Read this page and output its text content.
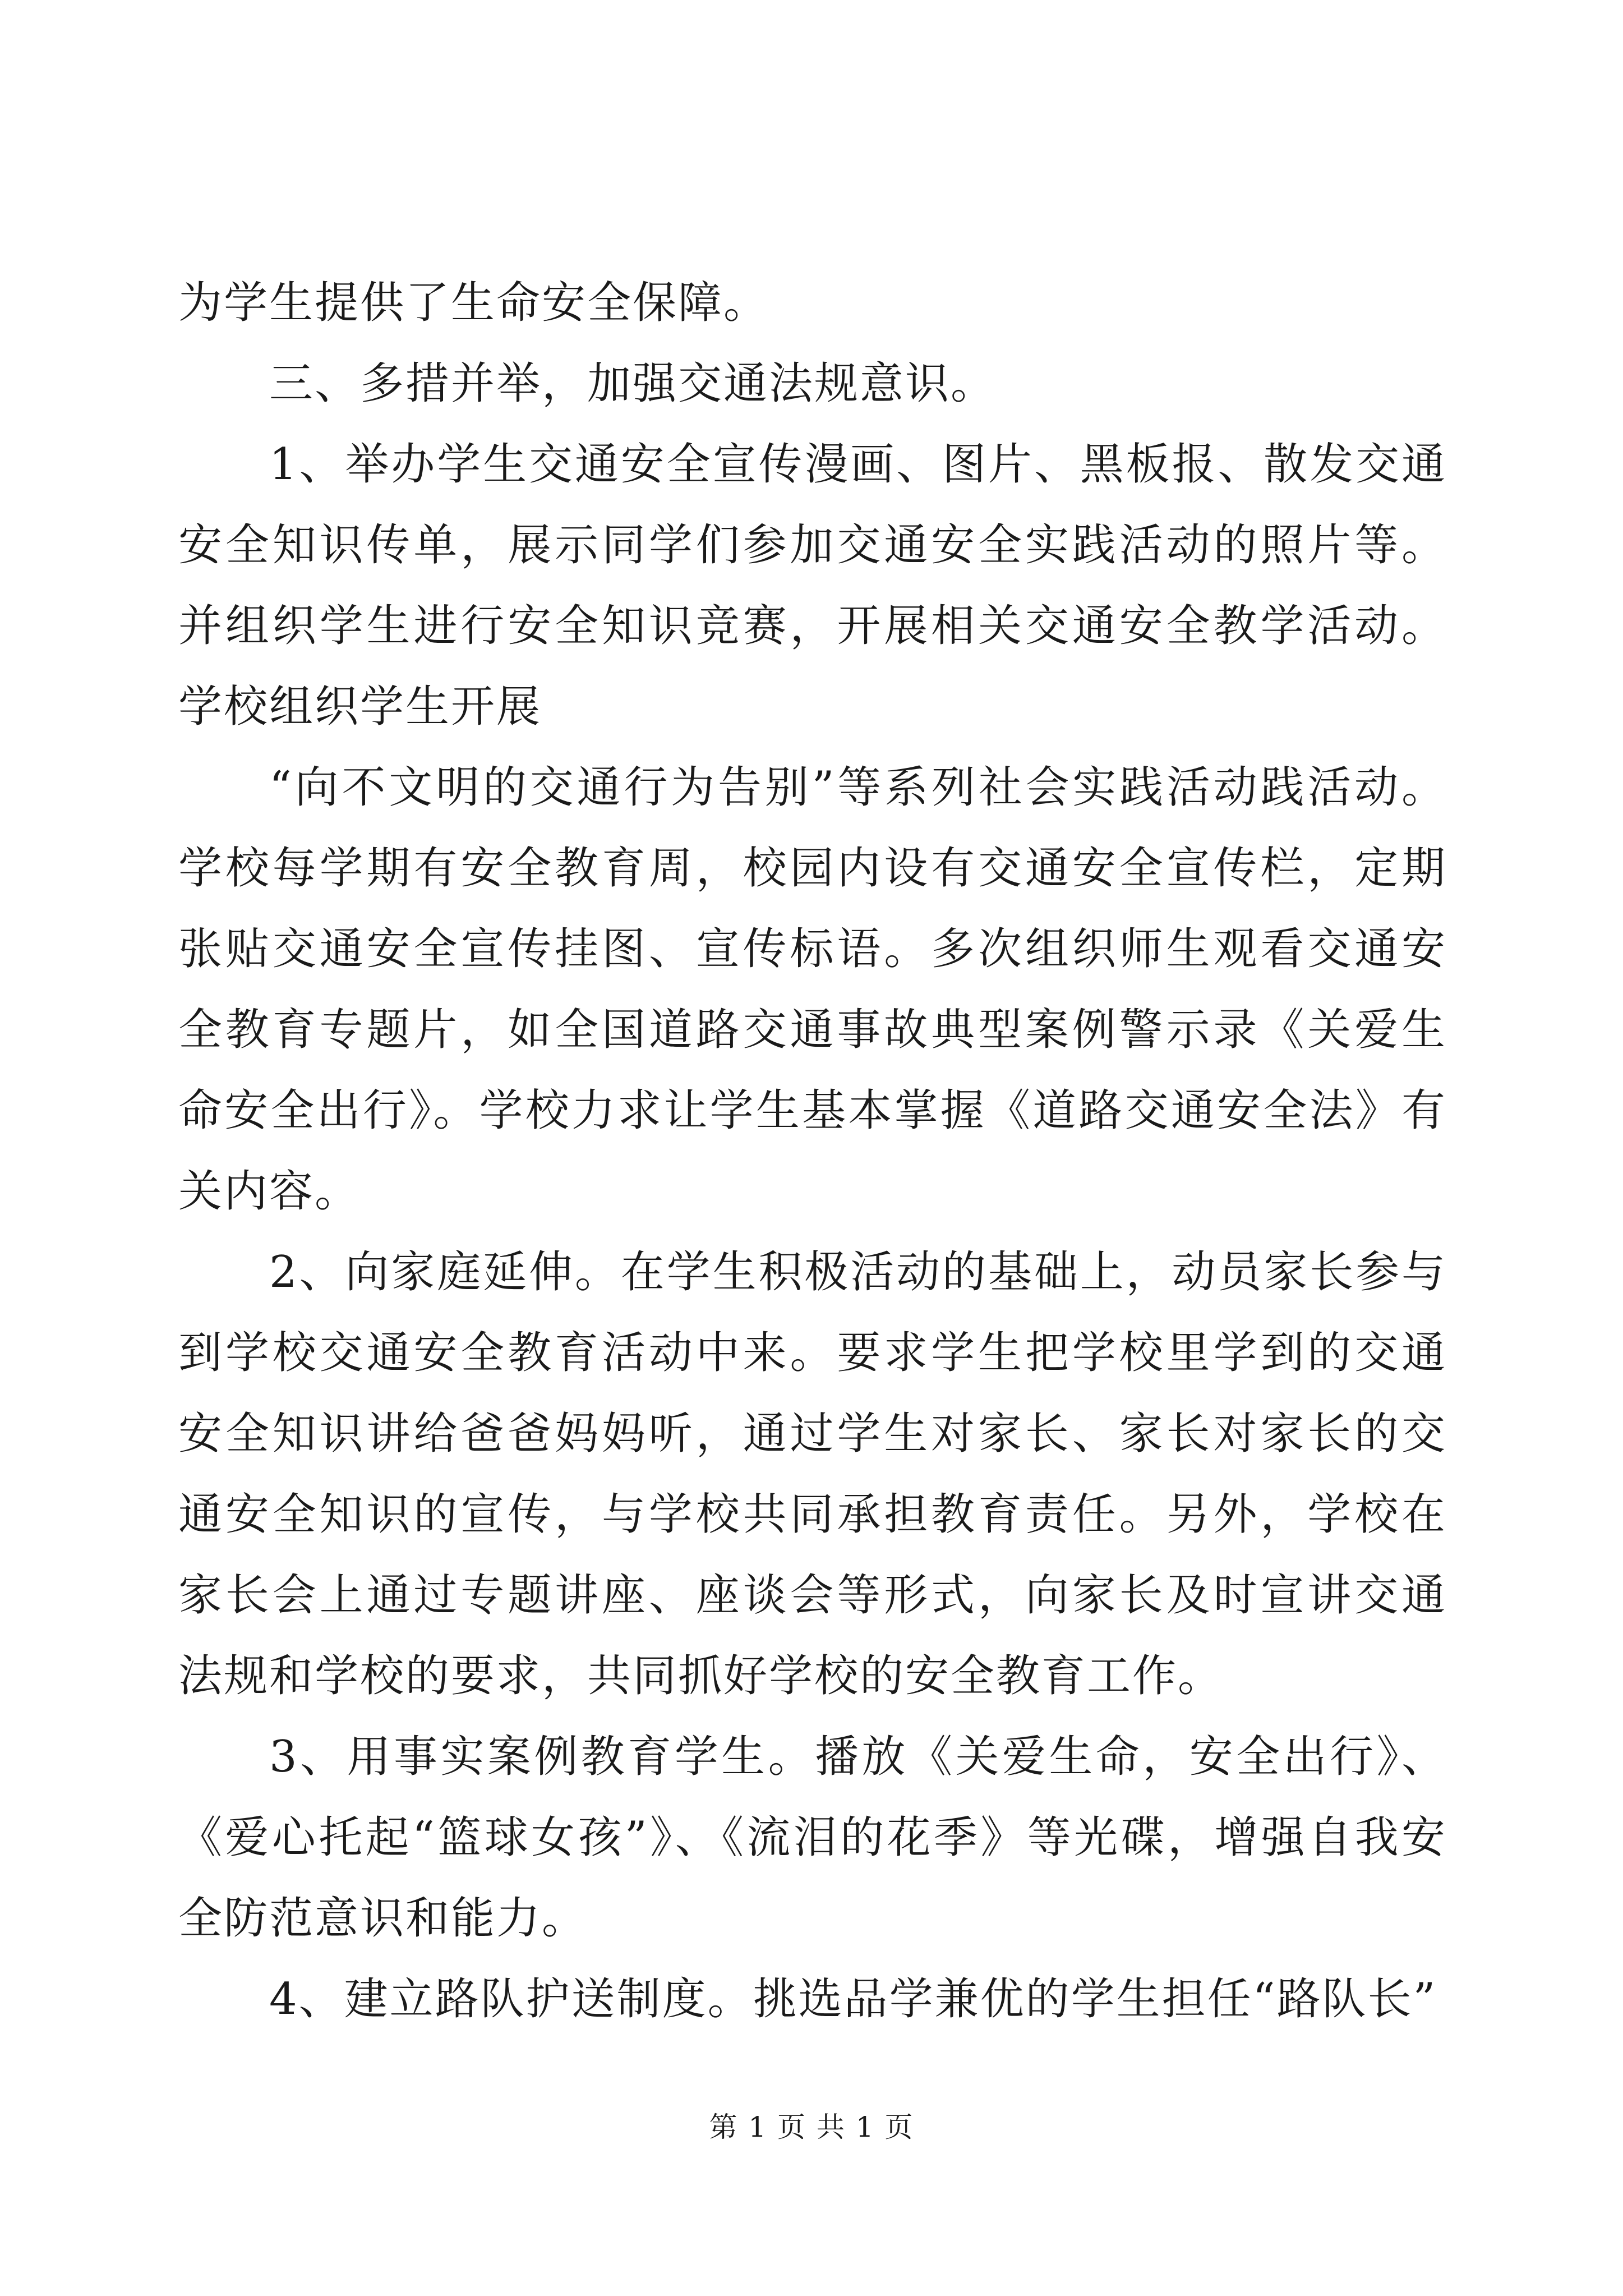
为学生提供了生命安全保障。

三、多措并举，加强交通法规意识。

1、举办学生交通安全宣传漫画、图片、黑板报、散发交通安全知识传单，展示同学们参加交通安全实践活动的照片等。并组织学生进行安全知识竞赛，开展相关交通安全教学活动。学校组织学生开展

“向不文明的交通行为告别”等系列社会实践活动践活动。学校每学期有安全教育周，校园内设有交通安全宣传栏，定期张贴交通安全宣传挂图、宣传标语。多次组织师生观看交通安全教育专题片，如全国道路交通事故典型案例警示录《关爱生命安全出行》。学校力求让学生基本掌握《道路交通安全法》有关内容。

2、向家庭延伸。在学生积极活动的基础上，动员家长参与到学校交通安全教育活动中来。要求学生把学校里学到的交通安全知识讲给爸爸妈妈听，通过学生对家长、家长对家长的交通安全知识的宣传，与学校共同承担教育责任。另外，学校在家长会上通过专题讲座、座谈会等形式，向家长及时宣讲交通法规和学校的要求，共同抓好学校的安全教育工作。

3、用事实案例教育学生。播放《关爱生命，安全出行》、《爱心托起“篮球女孩”》、《流泪的花季》等光碟，增强自我安全防范意识和能力。

4、建立路队护送制度。挑选品学兼优的学生担任“路队长”

第 1 页 共 1 页
